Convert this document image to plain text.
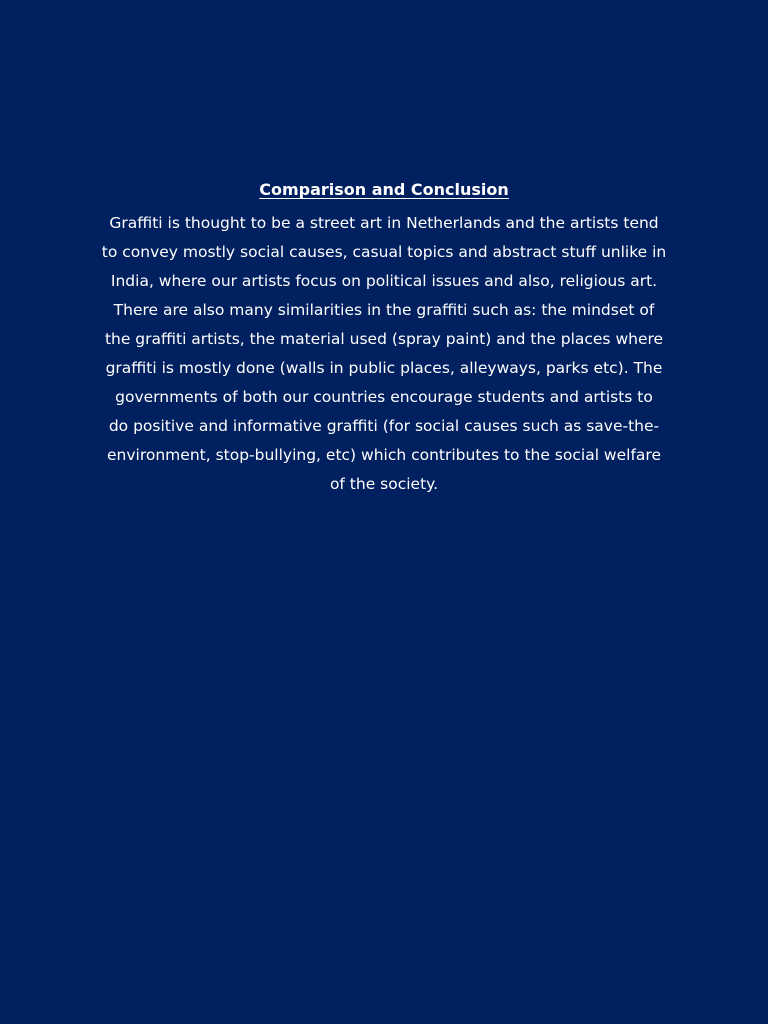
Comparison and Conclusion
Graffiti is thought to be a street art in Netherlands and the artists tend
to convey mostly social causes, casual topics and abstract stuff unlike in
India, where our artists focus on political issues and also, religious art.
There are also many similarities in the graffiti such as: the mindset of
the graffiti artists, the material used (spray paint) and the places where
graffiti is mostly done (walls in public places, alleyways, parks etc). The
governments of both our countries encourage students and artists to
do positive and informative graffiti (for social causes such as save-the-
environment, stop-bullying, etc) which contributes to the social welfare
of the society.
